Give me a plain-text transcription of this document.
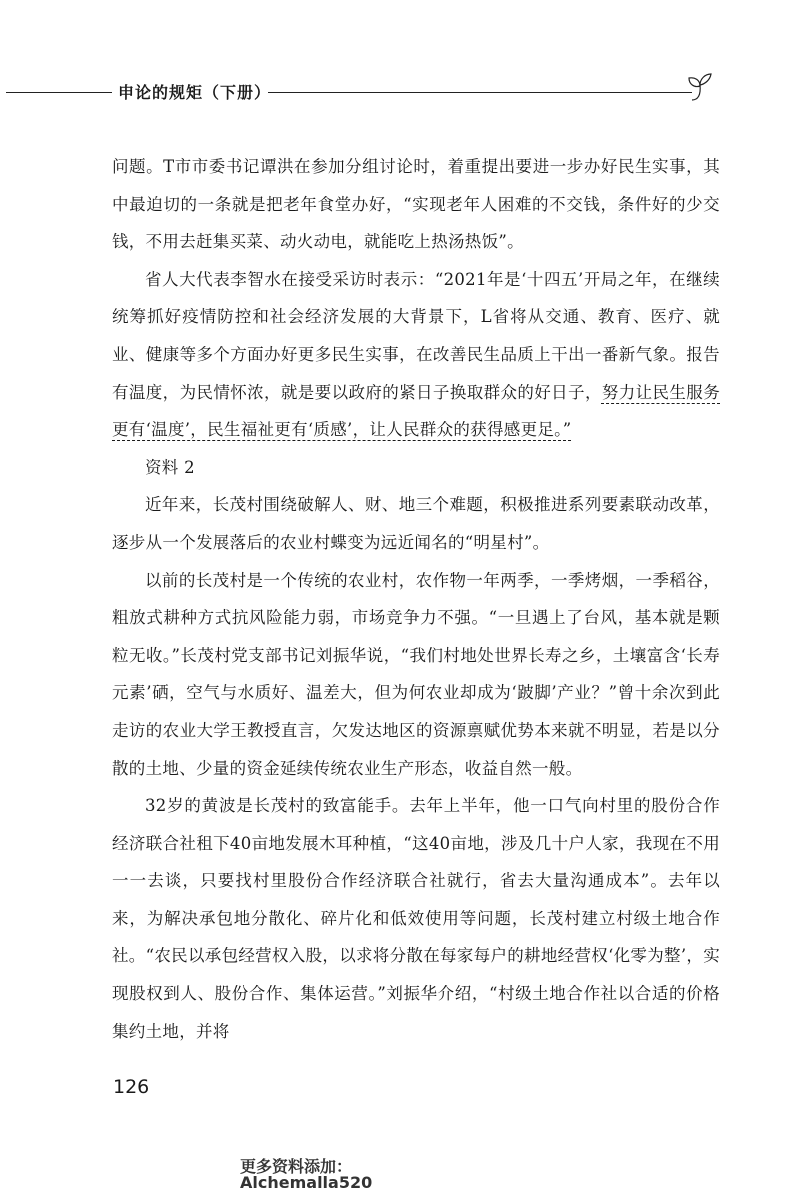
申论的规矩（下册）

问题。T市市委书记谭洪在参加分组讨论时，着重提出要进一步办好民生实事，其中最迫切的一条就是把老年食堂办好，“实现老年人困难的不交钱，条件好的少交钱，不用去赶集买菜、动火动电，就能吃上热汤热饭”。

省人大代表李智水在接受采访时表示：“2021年是‘十四五’开局之年，在继续统筹抓好疫情防控和社会经济发展的大背景下，L省将从交通、教育、医疗、就业、健康等多个方面办好更多民生实事，在改善民生品质上干出一番新气象。报告有温度，为民情怀浓，就是要以政府的紧日子换取群众的好日子，努力让民生服务更有‘温度’，民生福祉更有‘质感’，让人民群众的获得感更足。”

资料 2

近年来，长茂村围绕破解人、财、地三个难题，积极推进系列要素联动改革，逐步从一个发展落后的农业村蝶变为远近闻名的“明星村”。

以前的长茂村是一个传统的农业村，农作物一年两季，一季烤烟，一季稻谷，粗放式耕种方式抗风险能力弱，市场竞争力不强。“一旦遇上了台风，基本就是颗粒无收。”长茂村党支部书记刘振华说，“我们村地处世界长寿之乡，土壤富含‘长寿元素’硒，空气与水质好、温差大，但为何农业却成为‘跛脚’产业？”曾十余次到此走访的农业大学王教授直言，欠发达地区的资源禀赋优势本来就不明显，若是以分散的土地、少量的资金延续传统农业生产形态，收益自然一般。

32岁的黄波是长茂村的致富能手。去年上半年，他一口气向村里的股份合作经济联合社租下40亩地发展木耳种植，“这40亩地，涉及几十户人家，我现在不用一一去谈，只要找村里股份合作经济联合社就行，省去大量沟通成本”。去年以来，为解决承包地分散化、碎片化和低效使用等问题，长茂村建立村级土地合作社。“农民以承包经营权入股，以求将分散在每家每户的耕地经营权‘化零为整’，实现股权到人、股份合作、集体运营。”刘振华介绍，“村级土地合作社以合适的价格集约土地，并将

126
更多资料添加：Alchemalla520
